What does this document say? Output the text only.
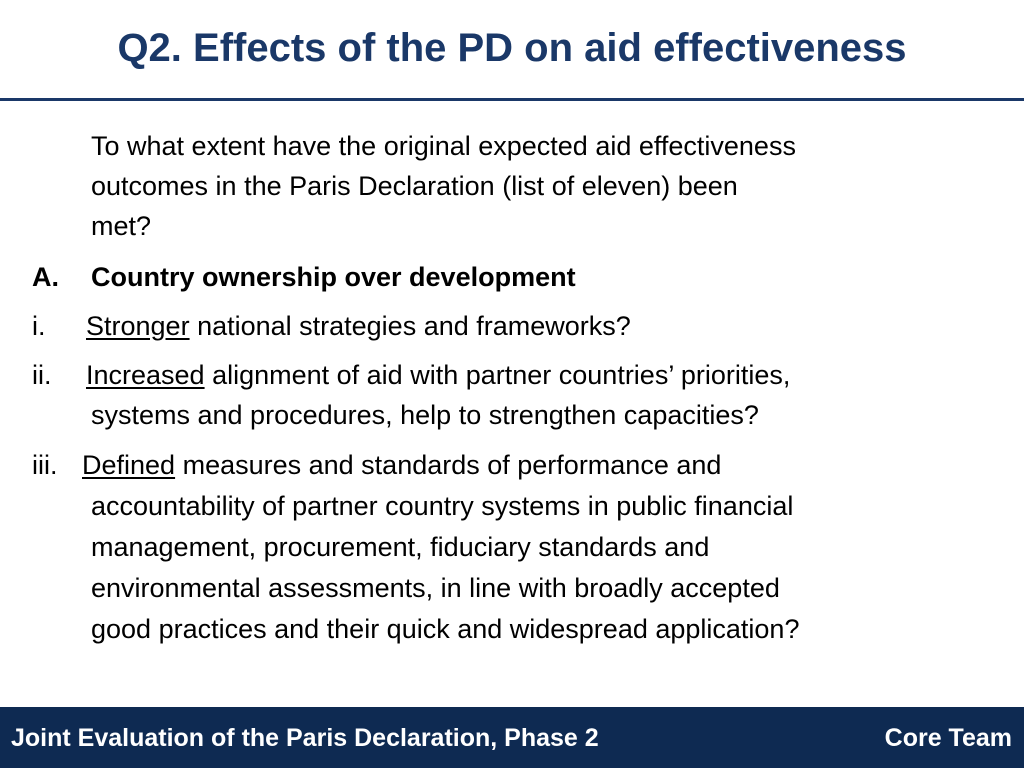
Q2. Effects of the PD on aid effectiveness
To what extent have the original expected aid effectiveness
outcomes in the Paris Declaration (list of eleven) been
met?
A. Country ownership over development
i. Stronger national strategies and frameworks?
ii. Increased alignment of aid with partner countries’ priorities,
systems and procedures, help to strengthen capacities?
iii. Defined measures and standards of performance and
accountability of partner country systems in public financial
management, procurement, fiduciary standards and
environmental assessments, in line with broadly accepted
good practices and their quick and widespread application?
Joint Evaluation of the Paris Declaration, Phase 2	Core Team
